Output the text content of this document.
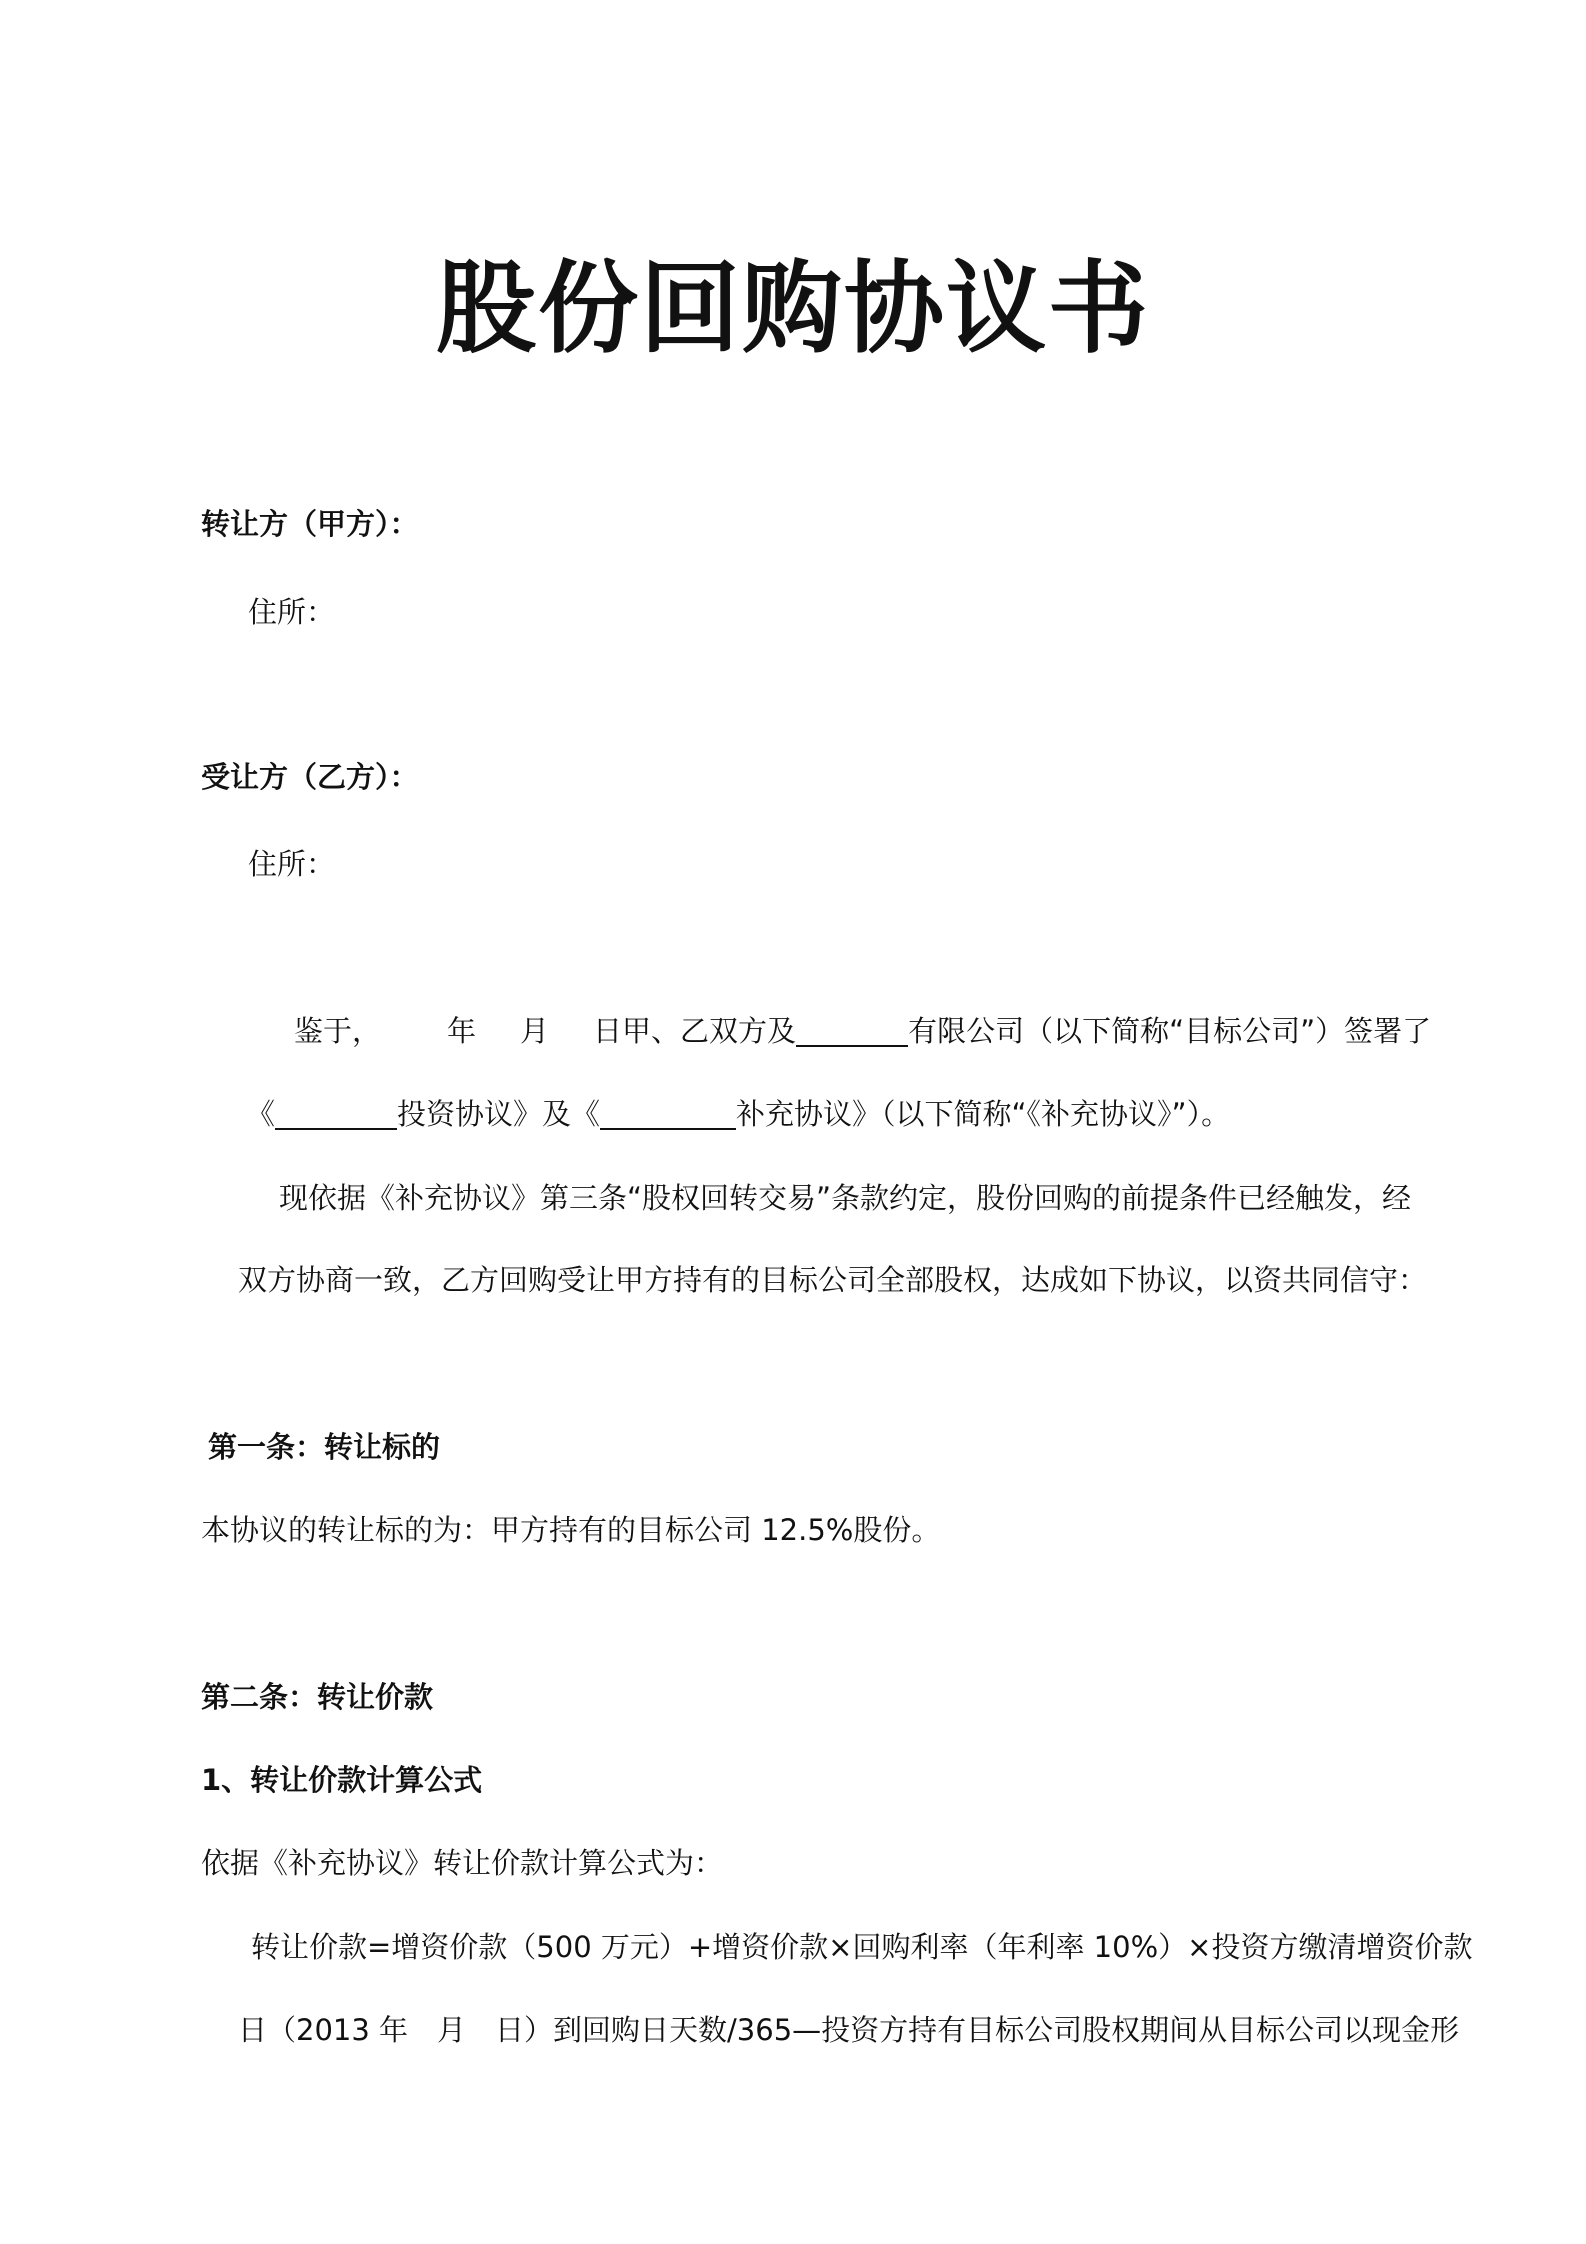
股份回购协议书
转让方（甲方）：
住所：
受让方（乙方）：
住所：
鉴于， 年 月 日甲、乙双方及	有限公司（以下简称“目标公司”）签署了
《	投资协议》及《	补充协议》（以下简称“《补充协议》”）。
现依据《补充协议》第三条“股权回转交易”条款约定，股份回购的前提条件已经触发，经
双方协商一致，乙方回购受让甲方持有的目标公司全部股权，达成如下协议，以资共同信守：
第一条：转让标的
本协议的转让标的为：甲方持有的目标公司 12.5%股份。
第二条：转让价款
1、转让价款计算公式
依据《补充协议》转让价款计算公式为：
转让价款=增资价款（500 万元）+增资价款×回购利率（年利率 10%）×投资方缴清增资价款
日（2013 年　月　日）到回购日天数/365—投资方持有目标公司股权期间从目标公司以现金形
